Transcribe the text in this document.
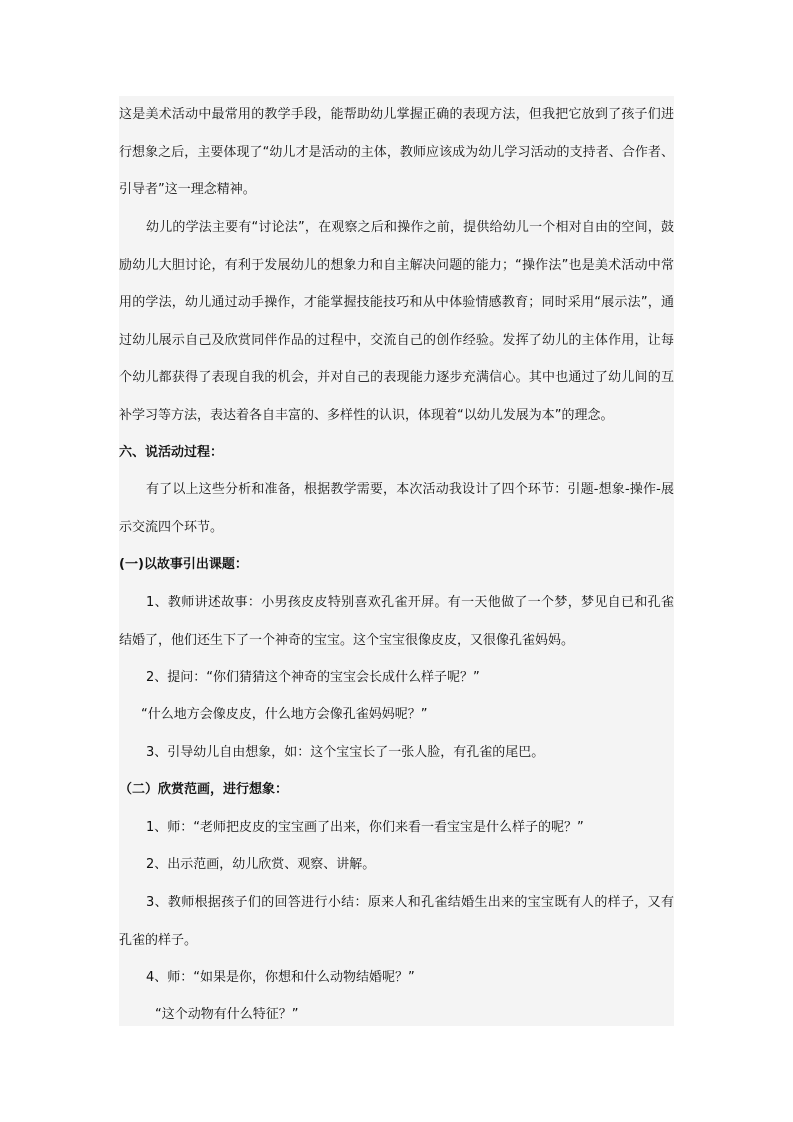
这是美术活动中最常用的教学手段，能帮助幼儿掌握正确的表现方法，但我把它放到了孩子们进行想象之后，主要体现了“幼儿才是活动的主体，教师应该成为幼儿学习活动的支持者、合作者、引导者”这一理念精神。

幼儿的学法主要有“讨论法”，在观察之后和操作之前，提供给幼儿一个相对自由的空间，鼓励幼儿大胆讨论，有利于发展幼儿的想象力和自主解决问题的能力；“操作法”也是美术活动中常用的学法，幼儿通过动手操作，才能掌握技能技巧和从中体验情感教育；同时采用“展示法”，通过幼儿展示自己及欣赏同伴作品的过程中，交流自己的创作经验。发挥了幼儿的主体作用，让每个幼儿都获得了表现自我的机会，并对自己的表现能力逐步充满信心。其中也通过了幼儿间的互补学习等方法，表达着各自丰富的、多样性的认识，体现着“以幼儿发展为本”的理念。

六、说活动过程：

有了以上这些分析和准备，根据教学需要，本次活动我设计了四个环节：引题-想象-操作-展示交流四个环节。

(一)以故事引出课题：

1、教师讲述故事：小男孩皮皮特别喜欢孔雀开屏。有一天他做了一个梦，梦见自已和孔雀结婚了，他们还生下了一个神奇的宝宝。这个宝宝很像皮皮，又很像孔雀妈妈。

2、提问：“你们猜猜这个神奇的宝宝会长成什么样子呢？”

“什么地方会像皮皮，什么地方会像孔雀妈妈呢？”

3、引导幼儿自由想象，如：这个宝宝长了一张人脸，有孔雀的尾巴。

（二）欣赏范画，进行想象：

1、师：“老师把皮皮的宝宝画了出来，你们来看一看宝宝是什么样子的呢？”

2、出示范画，幼儿欣赏、观察、讲解。

3、教师根据孩子们的回答进行小结：原来人和孔雀结婚生出来的宝宝既有人的样子，又有孔雀的样子。

4、师：“如果是你，你想和什么动物结婚呢？”

“这个动物有什么特征？”
